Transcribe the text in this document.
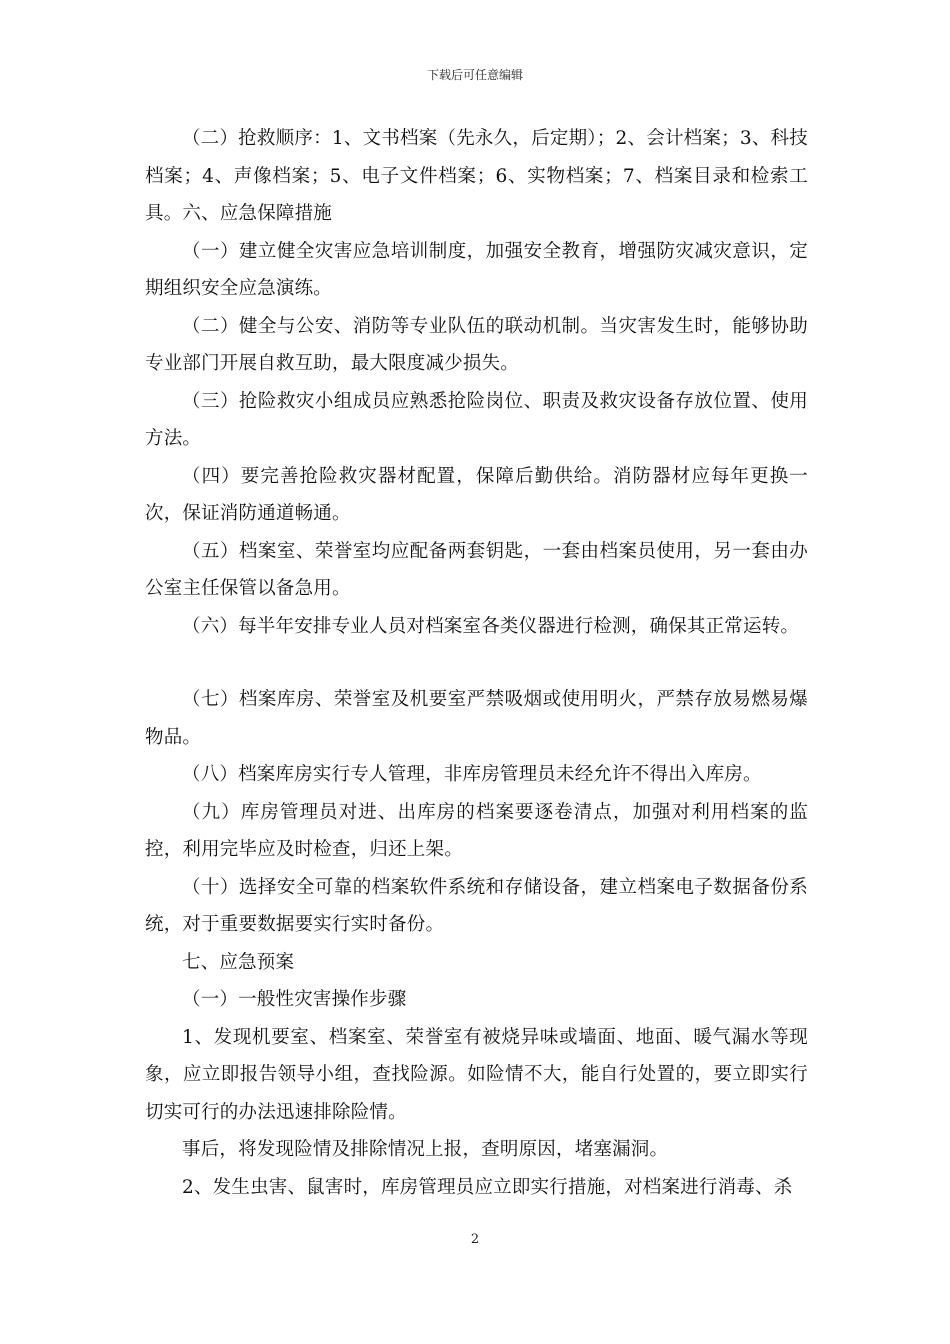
下载后可任意编辑

（二）抢救顺序：1、文书档案（先永久，后定期）；2、会计档案；3、科技档案；4、声像档案；5、电子文件档案；6、实物档案；7、档案目录和检索工具。六、应急保障措施

（一）建立健全灾害应急培训制度，加强安全教育，增强防灾减灾意识，定期组织安全应急演练。

（二）健全与公安、消防等专业队伍的联动机制。当灾害发生时，能够协助专业部门开展自救互助，最大限度减少损失。

（三）抢险救灾小组成员应熟悉抢险岗位、职责及救灾设备存放位置、使用方法。

（四）要完善抢险救灾器材配置，保障后勤供给。消防器材应每年更换一次，保证消防通道畅通。

（五）档案室、荣誉室均应配备两套钥匙，一套由档案员使用，另一套由办公室主任保管以备急用。

（六）每半年安排专业人员对档案室各类仪器进行检测，确保其正常运转。

（七）档案库房、荣誉室及机要室严禁吸烟或使用明火，严禁存放易燃易爆物品。

（八）档案库房实行专人管理，非库房管理员未经允许不得出入库房。

（九）库房管理员对进、出库房的档案要逐卷清点，加强对利用档案的监控，利用完毕应及时检查，归还上架。

（十）选择安全可靠的档案软件系统和存储设备，建立档案电子数据备份系统，对于重要数据要实行实时备份。

七、应急预案

（一）一般性灾害操作步骤

1、发现机要室、档案室、荣誉室有被烧异味或墙面、地面、暖气漏水等现象，应立即报告领导小组，查找险源。如险情不大，能自行处置的，要立即实行切实可行的办法迅速排除险情。

事后，将发现险情及排除情况上报，查明原因，堵塞漏洞。

2、发生虫害、鼠害时，库房管理员应立即实行措施，对档案进行消毒、杀

2
